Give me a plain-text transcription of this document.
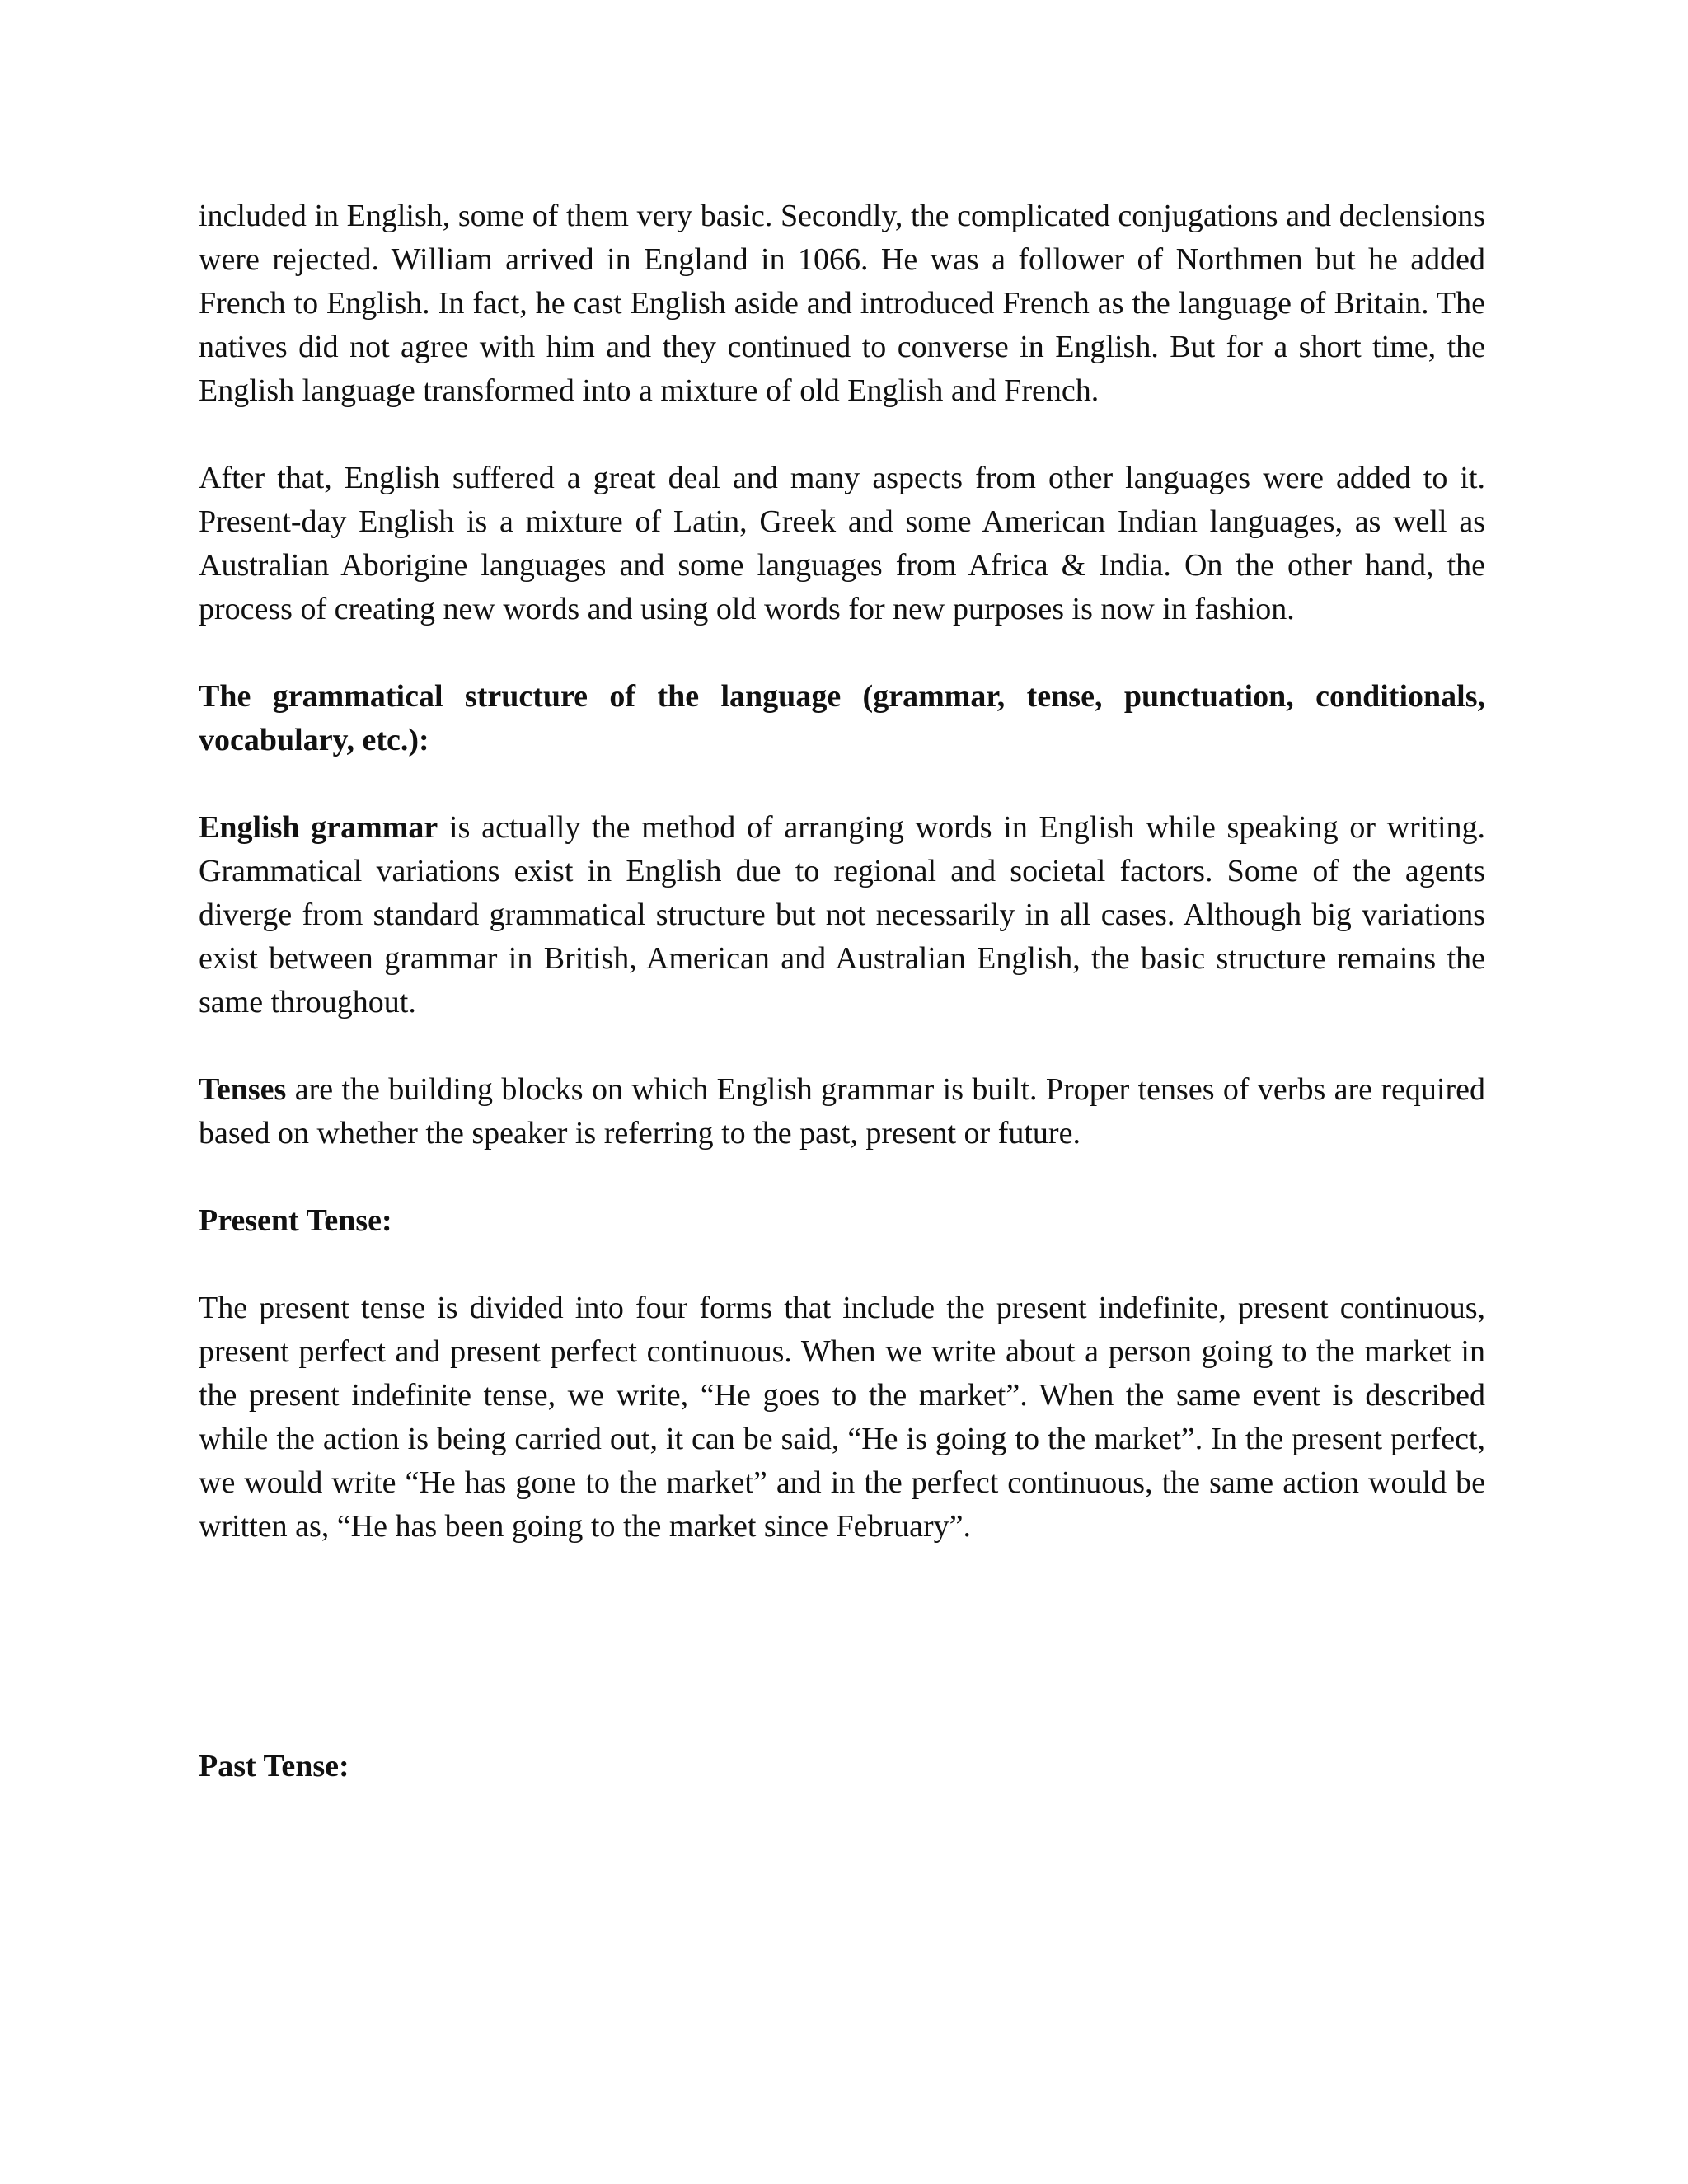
included in English, some of them very basic. Secondly, the complicated conjugations and declensions were rejected. William arrived in England in 1066. He was a follower of Northmen but he added French to English. In fact, he cast English aside and introduced French as the language of Britain. The natives did not agree with him and they continued to converse in English. But for a short time, the English language transformed into a mixture of old English and French.

After that, English suffered a great deal and many aspects from other languages were added to it. Present-day English is a mixture of Latin, Greek and some American Indian languages, as well as Australian Aborigine languages and some languages from Africa & India. On the other hand, the process of creating new words and using old words for new purposes is now in fashion.

The grammatical structure of the language (grammar, tense, punctuation, conditionals, vocabulary, etc.):

English grammar is actually the method of arranging words in English while speaking or writing. Grammatical variations exist in English due to regional and societal factors. Some of the agents diverge from standard grammatical structure but not necessarily in all cases. Although big variations exist between grammar in British, American and Australian English, the basic structure remains the same throughout.

Tenses are the building blocks on which English grammar is built. Proper tenses of verbs are required based on whether the speaker is referring to the past, present or future.

Present Tense:

The present tense is divided into four forms that include the present indefinite, present continuous, present perfect and present perfect continuous. When we write about a person going to the market in the present indefinite tense, we write, “He goes to the market”. When the same event is described while the action is being carried out, it can be said, “He is going to the market”. In the present perfect, we would write “He has gone to the market” and in the perfect continuous, the same action would be written as, “He has been going to the market since February”.

Past Tense:
